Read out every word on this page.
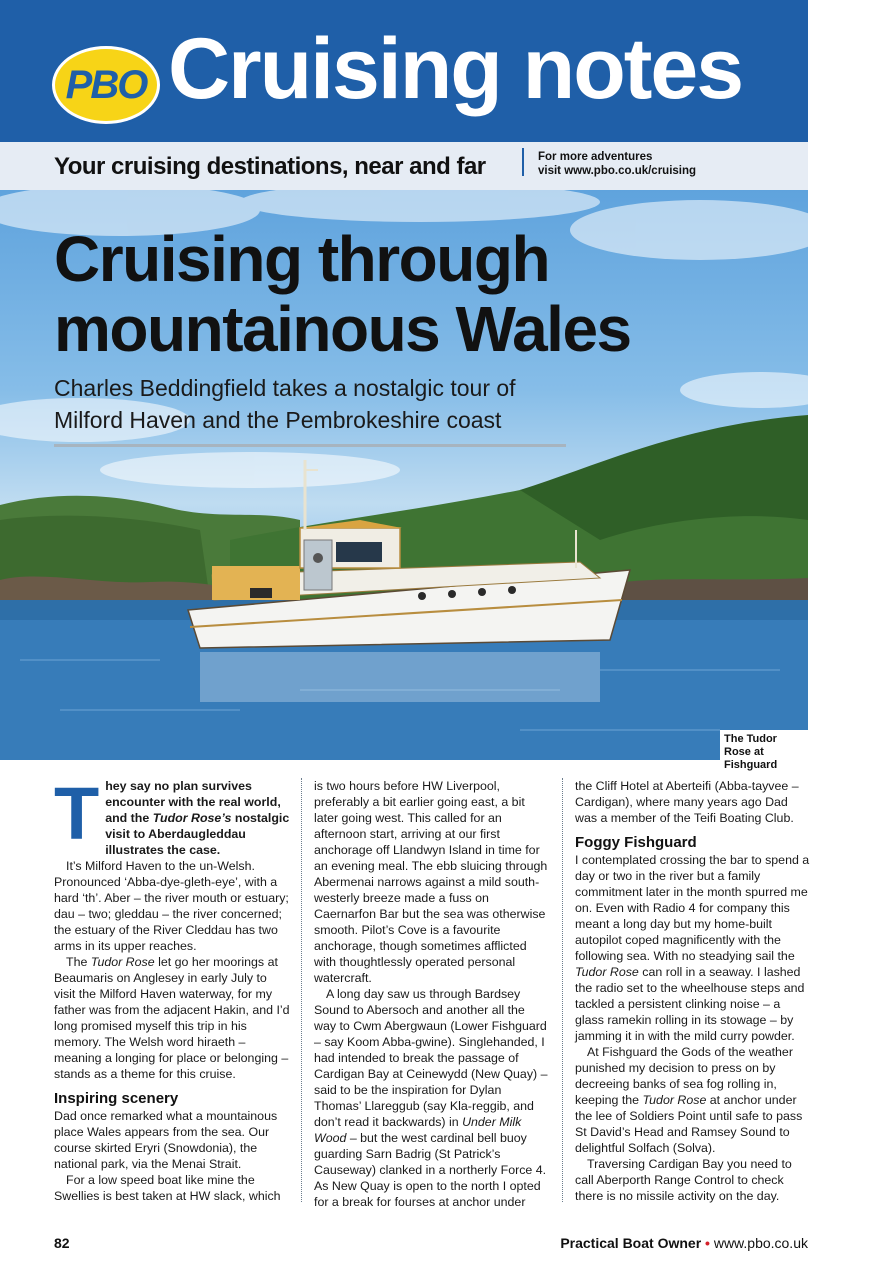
PBO Cruising notes
Your cruising destinations, near and far	For more adventures
visit www.pbo.co.uk/cruising
Cruising through
mountainous Wales
Charles Beddingfield takes a nostalgic tour of
Milford Haven and the Pembrokeshire coast
The Tudor Rose at Fishguard

T hey say no plan survives encounter with the real world, and the Tudor Rose’s nostalgic visit to Aberdaugleddau illustrates the case.

It’s Milford Haven to the un-Welsh. Pronounced ‘Abba-dye-gleth-eye’, with a hard ‘th’. Aber – the river mouth or estuary; dau – two; gleddau – the river concerned; the estuary of the River Cleddau has two arms in its upper reaches.

The Tudor Rose let go her moorings at Beaumaris on Anglesey in early July to visit the Milford Haven waterway, for my father was from the adjacent Hakin, and I’d long promised myself this trip in his memory. The Welsh word hiraeth – meaning a longing for place or belonging – stands as a theme for this cruise.

Inspiring scenery

Dad once remarked what a mountainous place Wales appears from the sea. Our course skirted Eryri (Snowdonia), the national park, via the Menai Strait.

For a low speed boat like mine the Swellies is best taken at HW slack, which

is two hours before HW Liverpool, preferably a bit earlier going east, a bit later going west. This called for an afternoon start, arriving at our first anchorage off Llandwyn Island in time for an evening meal. The ebb sluicing through Abermenai narrows against a mild south-westerly breeze made a fuss on Caernarfon Bar but the sea was otherwise smooth. Pilot’s Cove is a favourite anchorage, though sometimes afflicted with thoughtlessly operated personal watercraft.

A long day saw us through Bardsey Sound to Abersoch and another all the way to Cwm Abergwaun (Lower Fishguard – say Koom Abba-gwine). Singlehanded, I had intended to break the passage of Cardigan Bay at Ceinewydd (New Quay) – said to be the inspiration for Dylan Thomas’ Llareggub (say Kla-reggib, and don’t read it backwards) in Under Milk Wood – but the west cardinal bell buoy guarding Sarn Badrig (St Patrick’s Causeway) clanked in a northerly Force 4. As New Quay is open to the north I opted for a break for fourses at anchor under

the Cliff Hotel at Aberteifi (Abba-tayvee – Cardigan), where many years ago Dad was a member of the Teifi Boating Club.

Foggy Fishguard

I contemplated crossing the bar to spend a day or two in the river but a family commitment later in the month spurred me on. Even with Radio 4 for company this meant a long day but my home-built autopilot coped magnificently with the following sea. With no steadying sail the Tudor Rose can roll in a seaway. I lashed the radio set to the wheelhouse steps and tackled a persistent clinking noise – a glass ramekin rolling in its stowage – by jamming it in with the mild curry powder.

At Fishguard the Gods of the weather punished my decision to press on by decreeing banks of sea fog rolling in, keeping the Tudor Rose at anchor under the lee of Soldiers Point until safe to pass St David’s Head and Ramsey Sound to delightful Solfach (Solva).

Traversing Cardigan Bay you need to call Aberporth Range Control to check there is no missile activity on the day.

82	Practical Boat Owner • www.pbo.co.uk
